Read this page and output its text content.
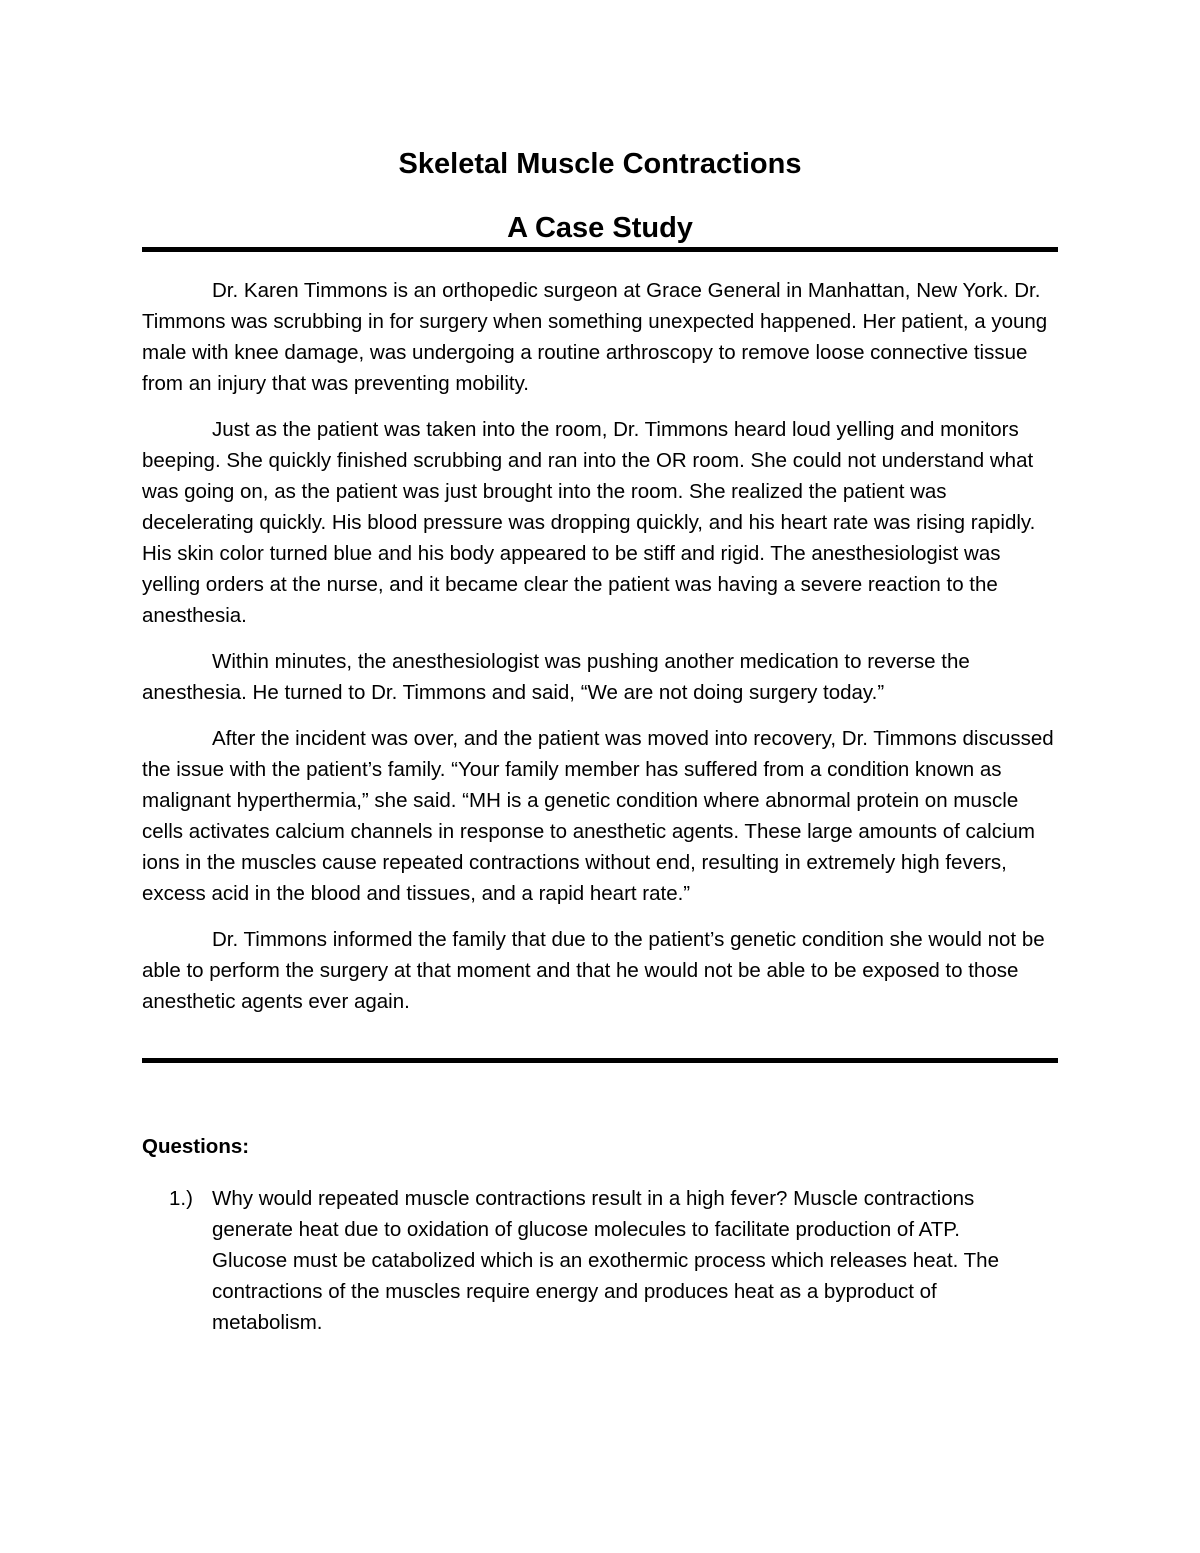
Skeletal Muscle Contractions
A Case Study

Dr. Karen Timmons is an orthopedic surgeon at Grace General in Manhattan, New York. Dr. Timmons was scrubbing in for surgery when something unexpected happened. Her patient, a young male with knee damage, was undergoing a routine arthroscopy to remove loose connective tissue from an injury that was preventing mobility.

Just as the patient was taken into the room, Dr. Timmons heard loud yelling and monitors beeping. She quickly finished scrubbing and ran into the OR room. She could not understand what was going on, as the patient was just brought into the room. She realized the patient was decelerating quickly. His blood pressure was dropping quickly, and his heart rate was rising rapidly. His skin color turned blue and his body appeared to be stiff and rigid. The anesthesiologist was yelling orders at the nurse, and it became clear the patient was having a severe reaction to the anesthesia.

Within minutes, the anesthesiologist was pushing another medication to reverse the anesthesia. He turned to Dr. Timmons and said, “We are not doing surgery today.”

After the incident was over, and the patient was moved into recovery, Dr. Timmons discussed the issue with the patient’s family. “Your family member has suffered from a condition known as malignant hyperthermia,” she said. “MH is a genetic condition where abnormal protein on muscle cells activates calcium channels in response to anesthetic agents. These large amounts of calcium ions in the muscles cause repeated contractions without end, resulting in extremely high fevers, excess acid in the blood and tissues, and a rapid heart rate.”

Dr. Timmons informed the family that due to the patient’s genetic condition she would not be able to perform the surgery at that moment and that he would not be able to be exposed to those anesthetic agents ever again.

Questions:
1.) Why would repeated muscle contractions result in a high fever? Muscle contractions generate heat due to oxidation of glucose molecules to facilitate production of ATP. Glucose must be catabolized which is an exothermic process which releases heat. The contractions of the muscles require energy and produces heat as a byproduct of metabolism.
